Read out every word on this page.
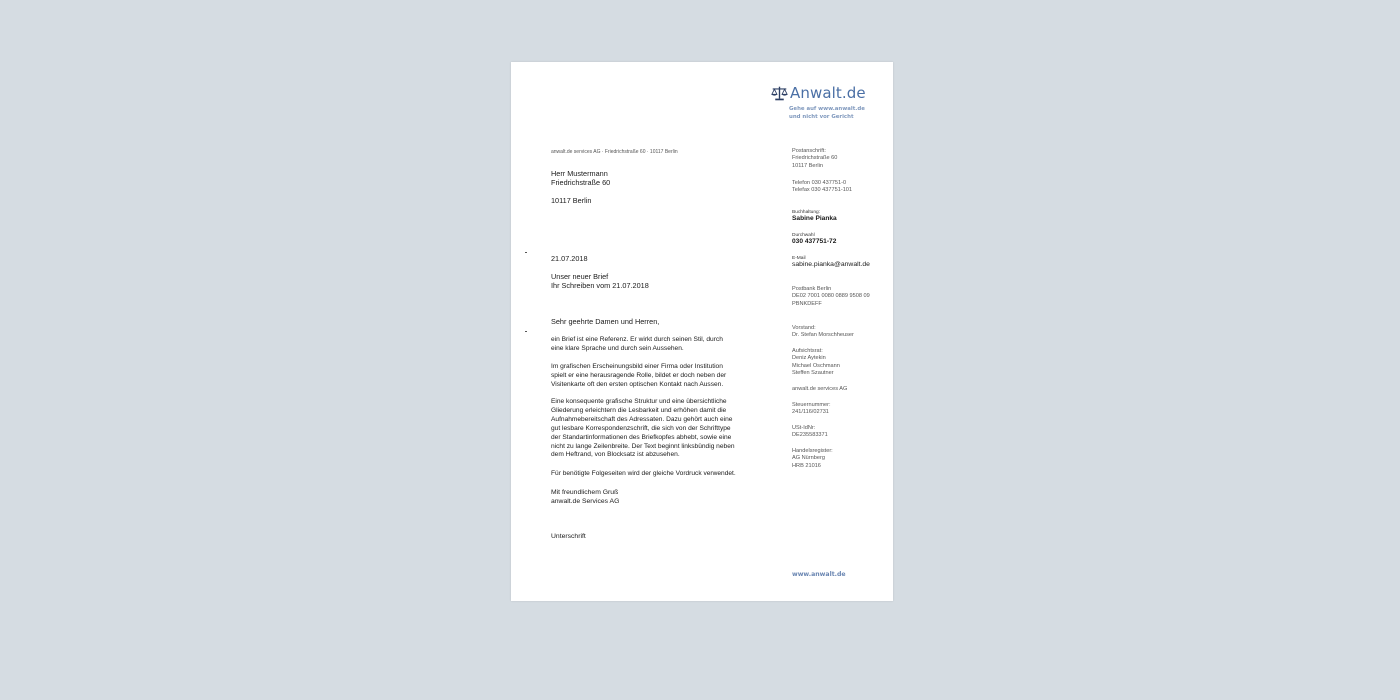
Anwalt.de
Gehe auf www.anwalt.de
und nicht vor Gericht
anwalt.de services AG · Friedrichstraße 60 · 10117 Berlin
Herr Mustermann
Friedrichstraße 60
10117 Berlin
21.07.2018
Unser neuer Brief
Ihr Schreiben vom 21.07.2018
Sehr geehrte Damen und Herren,
ein Brief ist eine Referenz. Er wirkt durch seinen Stil, durch
eine klare Sprache und durch sein Aussehen.
Im grafischen Erscheinungsbild einer Firma oder Institution
spielt er eine herausragende Rolle, bildet er doch neben der
Visitenkarte oft den ersten optischen Kontakt nach Aussen.
Eine konsequente grafische Struktur und eine übersichtliche
Gliederung erleichtern die Lesbarkeit und erhöhen damit die
Aufnahmebereitschaft des Adressaten. Dazu gehört auch eine
gut lesbare Korrespondenzschrift, die sich von der Schrifttype
der Standartinformationen des Briefkopfes abhebt, sowie eine
nicht zu lange Zeilenbreite. Der Text beginnt linksbündig neben
dem Heftrand, von Blocksatz ist abzusehen.
Für benötigte Folgeseiten wird der gleiche Vordruck verwendet.
Mit freundlichem Gruß
anwalt.de Services AG
Unterschrift
Postanschrift:
Friedrichstraße 60
10117 Berlin
Telefon 030 437751-0
Telefax 030 437751-101
Buchhaltung:
Sabine Pianka
Durchwahl
030 437751-72
E-Mail
sabine.pianka@anwalt.de
Postbank Berlin
DE02 7001 0080 0889 9508 09
PBNKDEFF
Vorstand:
Dr. Stefan Morschheuser
Aufsichtsrat:
Deniz Aytekin
Michael Oschmann
Steffen Szautner
anwalt.de services AG
Steuernummer:
241/116/02731
USt-IdNr:
DE235583371
Handelsregister:
AG Nürnberg
HRB 21016
www.anwalt.de
